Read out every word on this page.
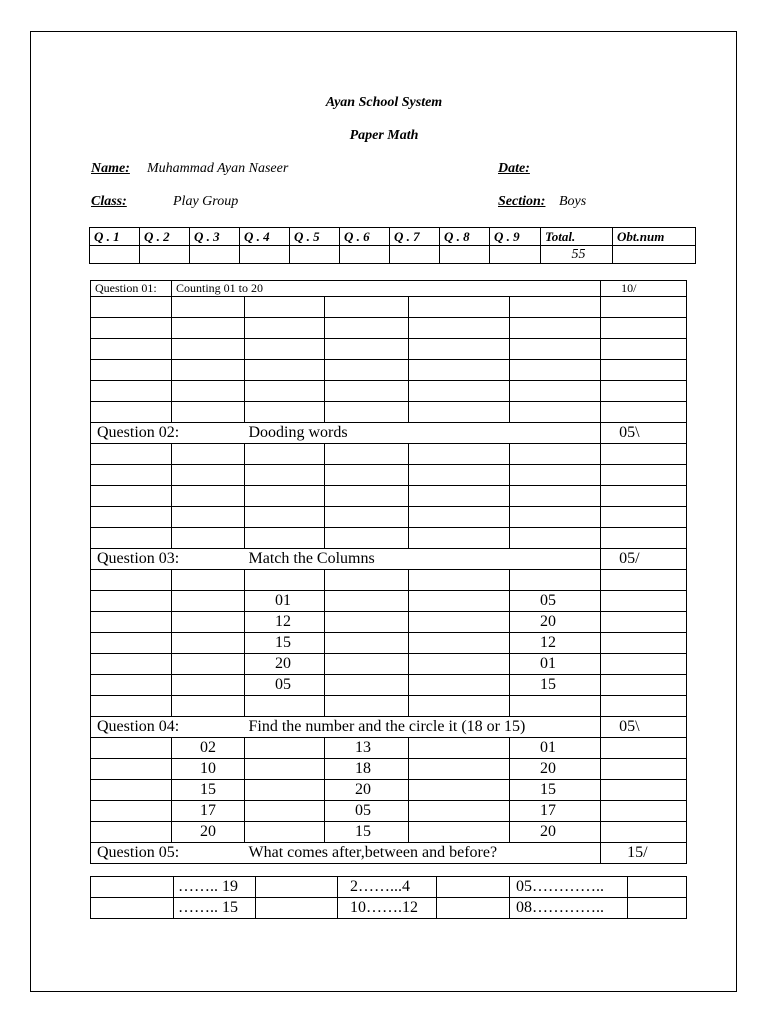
Ayan School System
Paper Math
Name: Muhammad Ayan Naseer	Date:
Class:	Play Group	Section: Boys
Q . 1	Q . 2	Q . 3	Q . 4	Q . 5	Q . 6	Q . 7	Q . 8	Q . 9	Total.	Obt.num
									55	
Question 01:	Counting 01 to 20					10/

Question 02:		Dooding words				05\

Question 03:		Match the Columns				05/

		01			05	
		12			20	
		15			12	
		20			01	
		05			15	

Question 04:		Find the number and the circle it (18 or 15)				05\
	02		13		01	
	10		18		20	
	15		20		15	
	17		05		17	
	20		15		20	
Question 05:		What comes after,between and before?				15/
	…….. 19		2……...4		05…………..	
	…….. 15		10…….12		08…………..	
